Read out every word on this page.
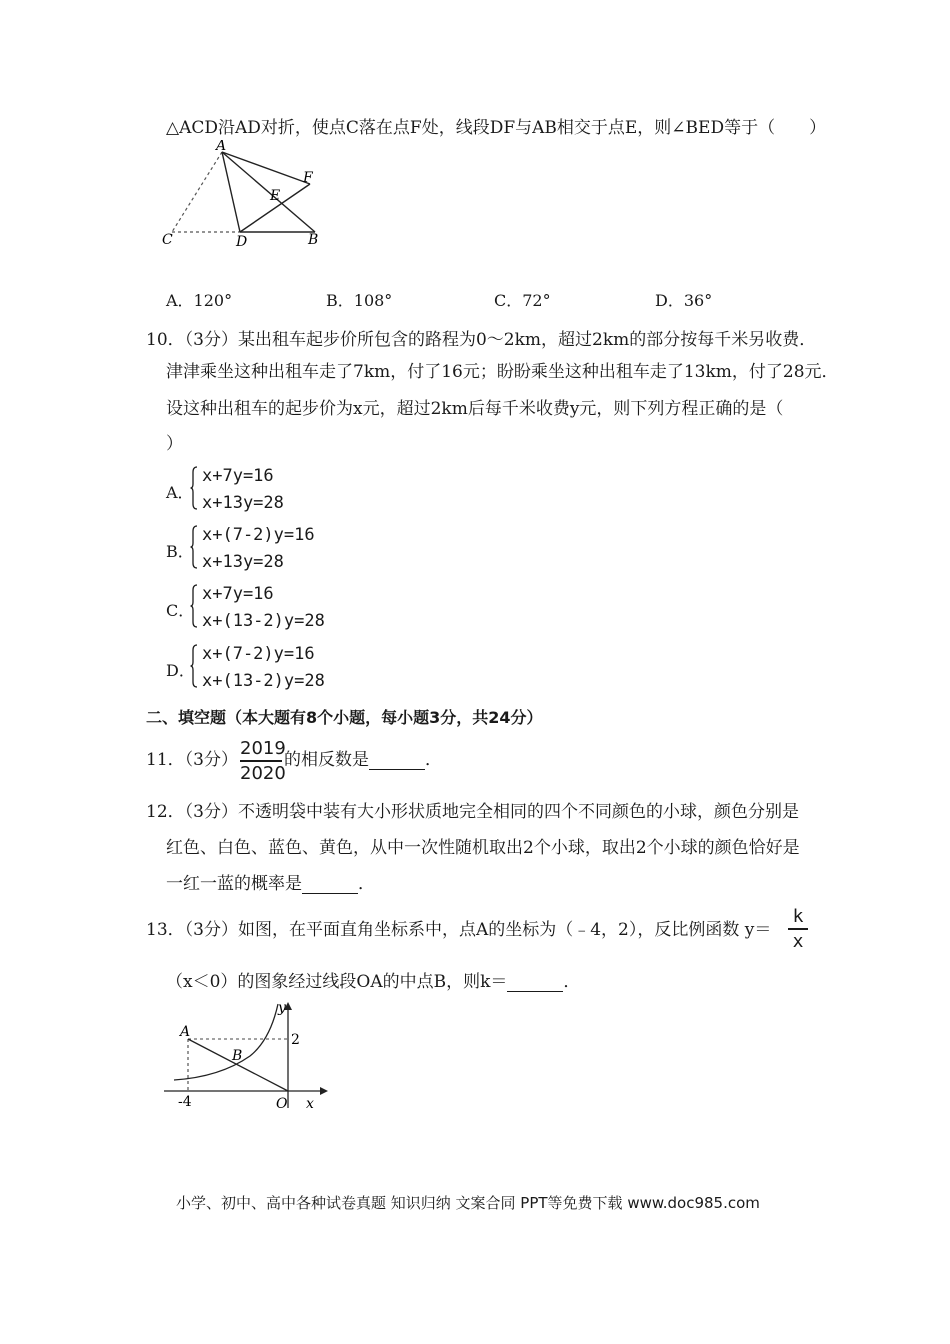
△ACD沿AD对折，使点C落在点F处，线段DF与AB相交于点E，则∠BED等于（　　）
A
C	D	B
E
F
A．120°	B．108°	C．72°	D．36°
10．（3分）某出租车起步价所包含的路程为0～2km，超过2km的部分按每千米另收费．
津津乘坐这种出租车走了7km，付了16元；盼盼乘坐这种出租车走了13km，付了28元．
设这种出租车的起步价为x元，超过2km后每千米收费y元，则下列方程正确的是（
）
A．
x+7y=16
x+13y=28
B．
x+(7-2)y=16
x+13y=28
C．
x+7y=16
x+(13-2)y=28
D．
x+(7-2)y=16
x+(13-2)y=28
二、填空题（本大题有8个小题，每小题3分，共24分）
11．（3分）
2019
2020
的相反数是	．
12．（3分）不透明袋中装有大小形状质地完全相同的四个不同颜色的小球，颜色分别是
红色、白色、蓝色、黄色，从中一次性随机取出2个小球，取出2个小球的颜色恰好是
一红一蓝的概率是	．
13．（3分）如图，在平面直角坐标系中，点A的坐标为（﹣4，2），反比例函数 y＝
k
x
（x＜0）的图象经过线段OA的中点B，则k＝	．
A
B
O x
y
2
-4
小学、初中、高中各种试卷真题 知识归纳 文案合同 PPT等免费下载 www.doc985.com
